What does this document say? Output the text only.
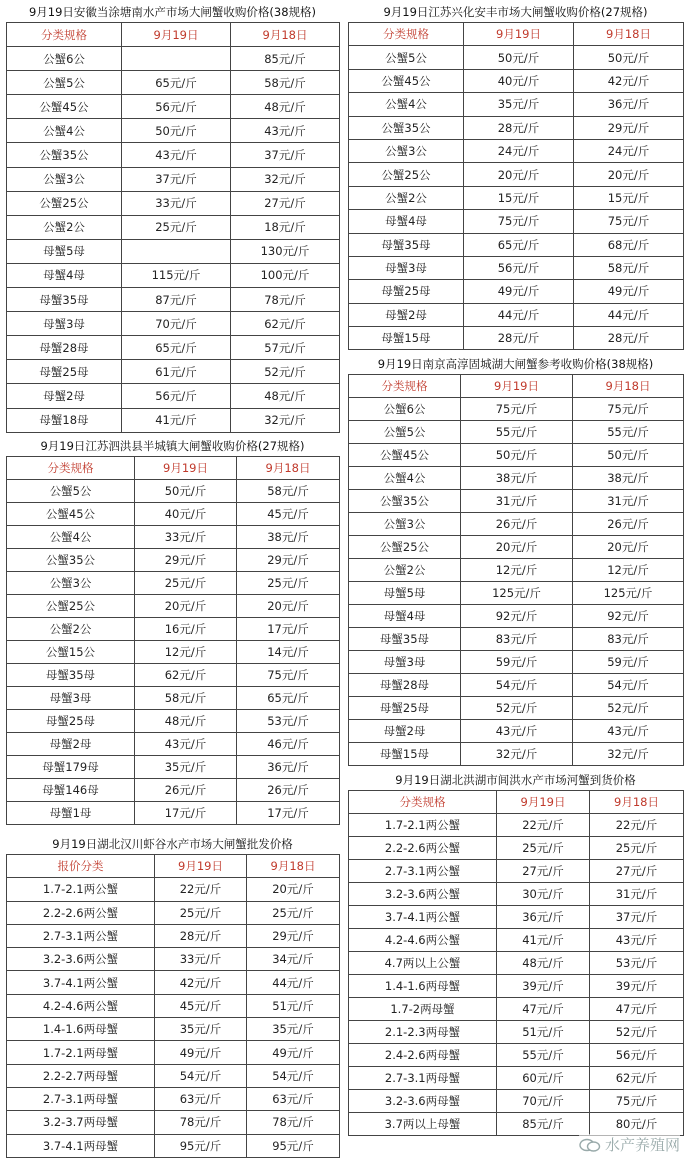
9月19日安徽当涂塘南水产市场大闸蟹收购价格(38规格)
分类规格	9月19日	9月18日
公蟹6公		85元/斤
公蟹5公	65元/斤	58元/斤
公蟹45公	56元/斤	48元/斤
公蟹4公	50元/斤	43元/斤
公蟹35公	43元/斤	37元/斤
公蟹3公	37元/斤	32元/斤
公蟹25公	33元/斤	27元/斤
公蟹2公	25元/斤	18元/斤
母蟹5母		130元/斤
母蟹4母	115元/斤	100元/斤
母蟹35母	87元/斤	78元/斤
母蟹3母	70元/斤	62元/斤
母蟹28母	65元/斤	57元/斤
母蟹25母	61元/斤	52元/斤
母蟹2母	56元/斤	48元/斤
母蟹18母	41元/斤	32元/斤
9月19日江苏泗洪县半城镇大闸蟹收购价格(27规格)
分类规格	9月19日	9月18日
公蟹5公	50元/斤	58元/斤
公蟹45公	40元/斤	45元/斤
公蟹4公	33元/斤	38元/斤
公蟹35公	29元/斤	29元/斤
公蟹3公	25元/斤	25元/斤
公蟹25公	20元/斤	20元/斤
公蟹2公	16元/斤	17元/斤
公蟹15公	12元/斤	14元/斤
母蟹35母	62元/斤	75元/斤
母蟹3母	58元/斤	65元/斤
母蟹25母	48元/斤	53元/斤
母蟹2母	43元/斤	46元/斤
母蟹179母	35元/斤	36元/斤
母蟹146母	26元/斤	26元/斤
母蟹1母	17元/斤	17元/斤
9月19日湖北汉川虾谷水产市场大闸蟹批发价格
报价分类	9月19日	9月18日
1.7-2.1两公蟹	22元/斤	20元/斤
2.2-2.6两公蟹	25元/斤	25元/斤
2.7-3.1两公蟹	28元/斤	29元/斤
3.2-3.6两公蟹	33元/斤	34元/斤
3.7-4.1两公蟹	42元/斤	44元/斤
4.2-4.6两公蟹	45元/斤	51元/斤
1.4-1.6两母蟹	35元/斤	35元/斤
1.7-2.1两母蟹	49元/斤	49元/斤
2.2-2.7两母蟹	54元/斤	54元/斤
2.7-3.1两母蟹	63元/斤	63元/斤
3.2-3.7两母蟹	78元/斤	78元/斤
3.7-4.1两母蟹	95元/斤	95元/斤
9月19日江苏兴化安丰市场大闸蟹收购价格(27规格)
分类规格	9月19日	9月18日
公蟹5公	50元/斤	50元/斤
公蟹45公	40元/斤	42元/斤
公蟹4公	35元/斤	36元/斤
公蟹35公	28元/斤	29元/斤
公蟹3公	24元/斤	24元/斤
公蟹25公	20元/斤	20元/斤
公蟹2公	15元/斤	15元/斤
母蟹4母	75元/斤	75元/斤
母蟹35母	65元/斤	68元/斤
母蟹3母	56元/斤	58元/斤
母蟹25母	49元/斤	49元/斤
母蟹2母	44元/斤	44元/斤
母蟹15母	28元/斤	28元/斤
9月19日南京高淳固城湖大闸蟹参考收购价格(38规格)
分类规格	9月19日	9月18日
公蟹6公	75元/斤	75元/斤
公蟹5公	55元/斤	55元/斤
公蟹45公	50元/斤	50元/斤
公蟹4公	38元/斤	38元/斤
公蟹35公	31元/斤	31元/斤
公蟹3公	26元/斤	26元/斤
公蟹25公	20元/斤	20元/斤
公蟹2公	12元/斤	12元/斤
母蟹5母	125元/斤	125元/斤
母蟹4母	92元/斤	92元/斤
母蟹35母	83元/斤	83元/斤
母蟹3母	59元/斤	59元/斤
母蟹28母	54元/斤	54元/斤
母蟹25母	52元/斤	52元/斤
母蟹2母	43元/斤	43元/斤
母蟹15母	32元/斤	32元/斤
9月19日湖北洪湖市闾洪水产市场河蟹到货价格
分类规格	9月19日	9月18日
1.7-2.1两公蟹	22元/斤	22元/斤
2.2-2.6两公蟹	25元/斤	25元/斤
2.7-3.1两公蟹	27元/斤	27元/斤
3.2-3.6两公蟹	30元/斤	31元/斤
3.7-4.1两公蟹	36元/斤	37元/斤
4.2-4.6两公蟹	41元/斤	43元/斤
4.7两以上公蟹	48元/斤	53元/斤
1.4-1.6两母蟹	39元/斤	39元/斤
1.7-2两母蟹	47元/斤	47元/斤
2.1-2.3两母蟹	51元/斤	52元/斤
2.4-2.6两母蟹	55元/斤	56元/斤
2.7-3.1两母蟹	60元/斤	62元/斤
3.2-3.6两母蟹	70元/斤	75元/斤
3.7两以上母蟹	85元/斤	80元/斤
水产养殖网
